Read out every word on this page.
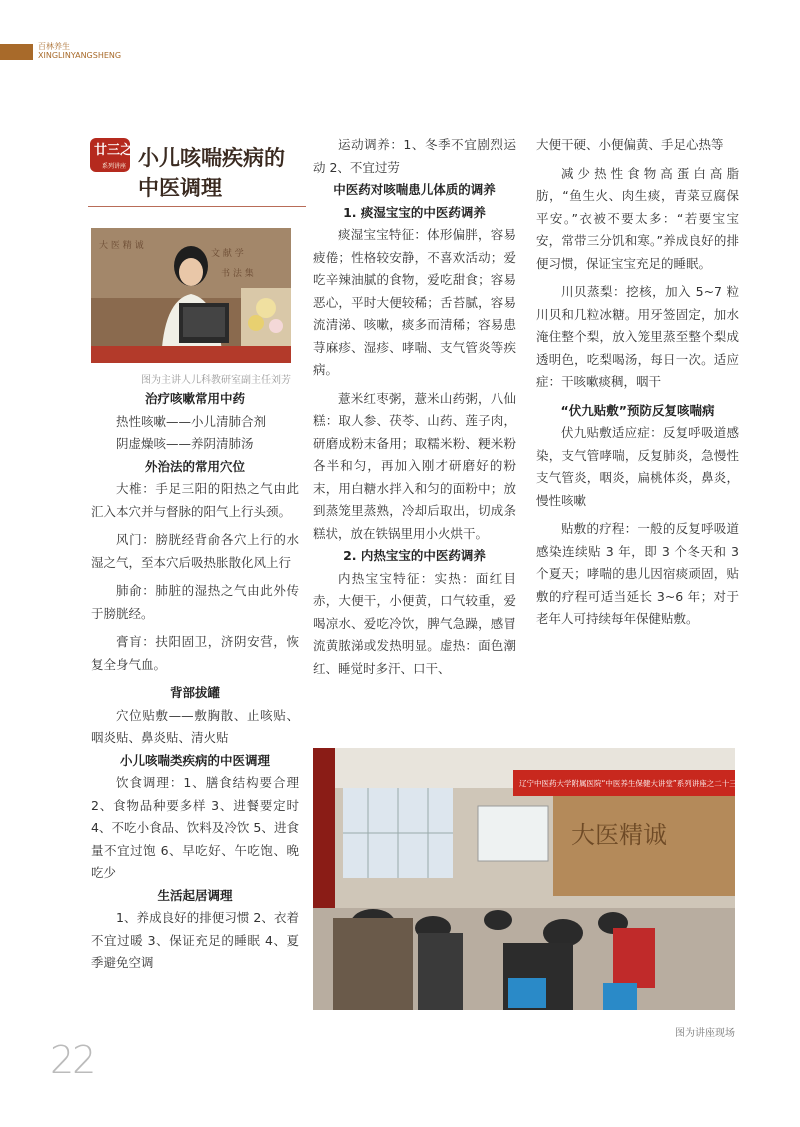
百林养生
XINGLINYANGSHENG
廿三之
系列讲座 小儿咳喘疾病的
中医调理
大 医 精 诚
文 献 学
书 法 集
图为主讲人儿科教研室副主任刘芳
治疗咳嗽常用中药

热性咳嗽——小儿清肺合剂

阴虚燥咳——养阴清肺汤

外治法的常用穴位

大椎：手足三阳的阳热之气由此汇入本穴并与督脉的阳气上行头颈。

风门：膀胱经背俞各穴上行的水湿之气，至本穴后吸热胀散化风上行

肺俞：肺脏的湿热之气由此外传于膀胱经。

膏肓：扶阳固卫，济阴安营，恢复全身气血。

背部拔罐

穴位贴敷——敷胸散、止咳贴、咽炎贴、鼻炎贴、清火贴

小儿咳喘类疾病的中医调理

饮食调理：1、膳食结构要合理 2、食物品种要多样 3、进餐要定时 4、不吃小食品、饮料及冷饮 5、进食量不宜过饱 6、早吃好、午吃饱、晚吃少

生活起居调理

1、养成良好的排便习惯 2、衣着不宜过暖 3、保证充足的睡眠 4、夏季避免空调

运动调养：1、冬季不宜剧烈运动 2、不宜过劳

中医药对咳喘患儿体质的调养
1. 痰湿宝宝的中医药调养

痰湿宝宝特征：体形偏胖，容易疲倦；性格较安静，不喜欢活动；爱吃辛辣油腻的食物，爱吃甜食；容易恶心，平时大便较稀；舌苔腻，容易流清涕、咳嗽，痰多而清稀；容易患荨麻疹、湿疹、哮喘、支气管炎等疾病。

薏米红枣粥，薏米山药粥，八仙糕：取人参、茯苓、山药、莲子肉，研磨成粉末备用；取糯米粉、粳米粉各半和匀，再加入刚才研磨好的粉末，用白糖水拌入和匀的面粉中；放到蒸笼里蒸熟，冷却后取出，切成条糕状，放在铁锅里用小火烘干。

2. 内热宝宝的中医药调养

内热宝宝特征：实热：面红目赤，大便干，小便黄，口气较重，爱喝凉水、爱吃冷饮，脾气急躁，感冒流黄脓涕或发热明显。虚热：面色潮红、睡觉时多汗、口干、

大便干硬、小便偏黄、手足心热等

减少热性食物高蛋白高脂肪，“鱼生火、肉生痰，青菜豆腐保平安。”衣被不要太多：“若要宝宝安，常带三分饥和寒。”养成良好的排便习惯，保证宝宝充足的睡眠。

川贝蒸梨：挖核，加入 5~7 粒川贝和几粒冰糖。用牙签固定，加水淹住整个梨，放入笼里蒸至整个梨成透明色，吃梨喝汤，每日一次。适应症：干咳嗽痰稠，咽干

“伏九贴敷”预防反复咳喘病

伏九贴敷适应症：反复呼吸道感染，支气管哮喘，反复肺炎，急慢性支气管炎，咽炎，扁桃体炎，鼻炎，慢性咳嗽

贴敷的疗程：一般的反复呼吸道感染连续贴 3 年，即 3 个冬天和 3 个夏天；哮喘的患儿因宿痰顽固，贴敷的疗程可适当延长 3~6 年；对于老年人可持续每年保健贴敷。

辽宁中医药大学附属医院“中医养生保健大讲堂”系列讲座之二十三“小儿咳喘”
大医精诚
图为讲座现场
22
